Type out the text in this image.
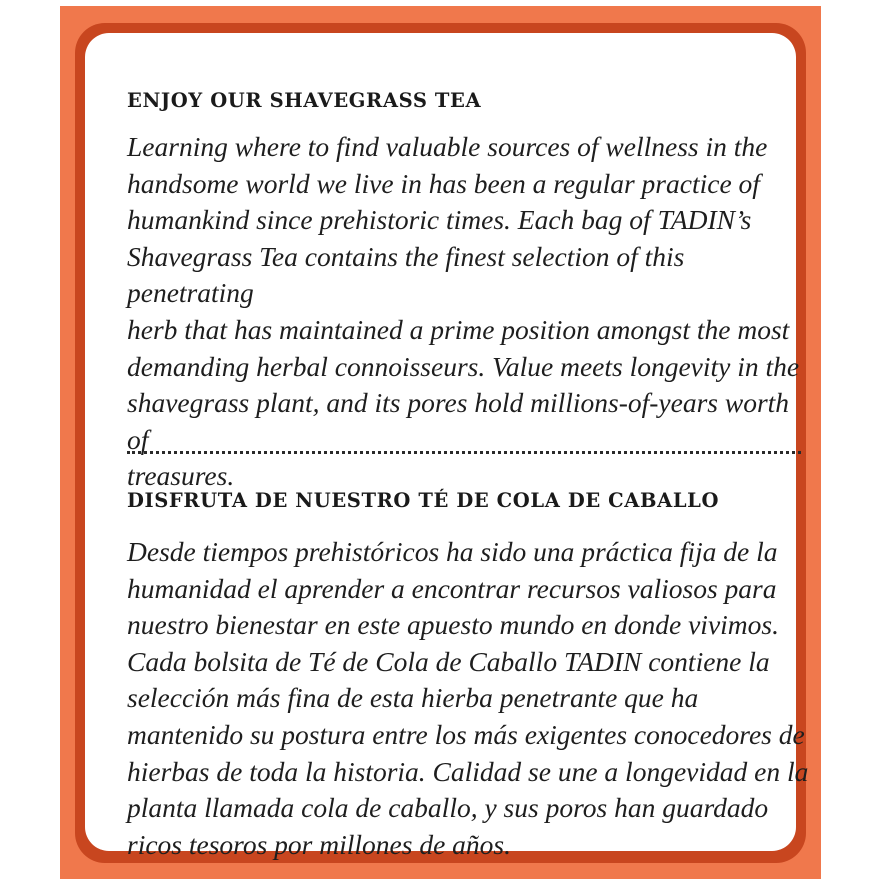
ENJOY OUR SHAVEGRASS TEA

Learning where to find valuable sources of wellness in the
handsome world we live in has been a regular practice of
humankind since prehistoric times. Each bag of TADIN’s
Shavegrass Tea contains the finest selection of this penetrating
herb that has maintained a prime position amongst the most
demanding herbal connoisseurs. Value meets longevity in the
shavegrass plant, and its pores hold millions-of-years worth of
treasures.

DISFRUTA DE NUESTRO TÉ DE COLA DE CABALLO

Desde tiempos prehistóricos ha sido una práctica fija de la
humanidad el aprender a encontrar recursos valiosos para
nuestro bienestar en este apuesto mundo en donde vivimos.
Cada bolsita de Té de Cola de Caballo TADIN contiene la
selección más fina de esta hierba penetrante que ha
mantenido su postura entre los más exigentes conocedores de
hierbas de toda la historia. Calidad se une a longevidad en la
planta llamada cola de caballo, y sus poros han guardado
ricos tesoros por millones de años.
